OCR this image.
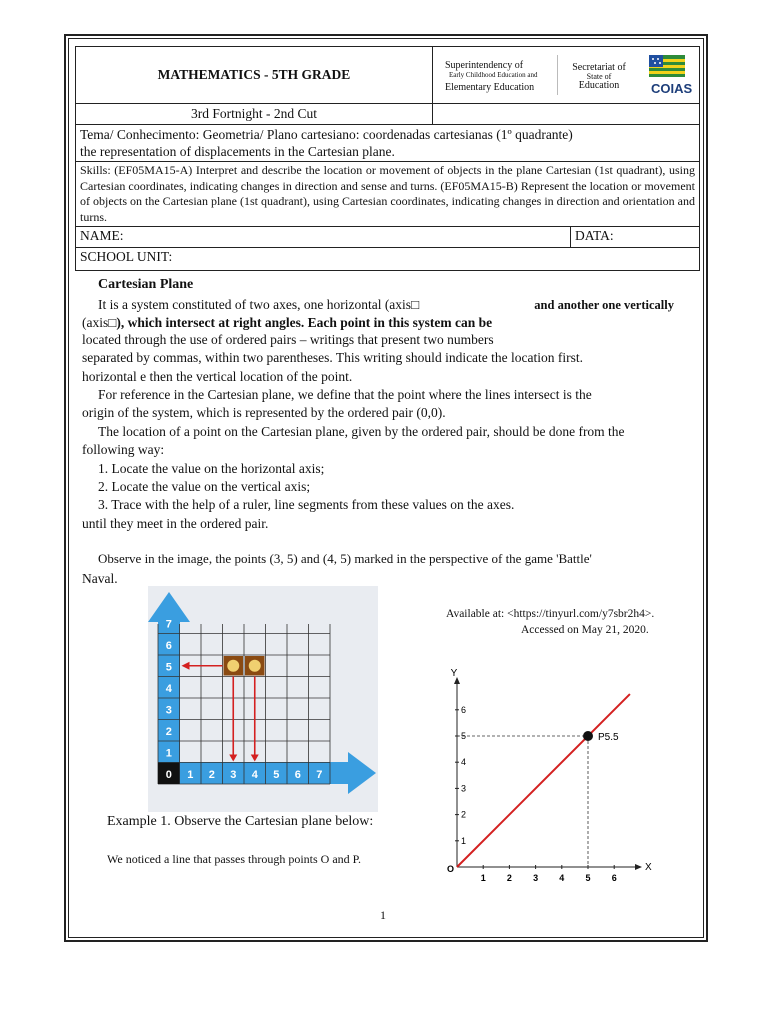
MATHEMATICS - 5TH GRADE
Superintendency of
Early Childhood Education and
Elementary Education
Secretariat of
State of
Education	COIAS
3rd Fortnight - 2nd Cut
Tema/ Conhecimento: Geometria/ Plano cartesiano: coordenadas cartesianas (1º quadrante)
the representation of displacements in the Cartesian plane.
Skills: (EF05MA15-A) Interpret and describe the location or movement of objects in the plane Cartesian (1st quadrant), using Cartesian coordinates, indicating changes in direction and sense and turns. (EF05MA15-B) Represent the location or movement of objects on the Cartesian plane (1st quadrant), using Cartesian coordinates, indicating changes in direction and orientation and turns.
NAME:	DATA:
SCHOOL UNIT:
Cartesian Plane
It is a system constituted of two axes, one horizontal (axis□	and another one vertically
(axis□), which intersect at right angles. Each point in this system can be
located through the use of ordered pairs – writings that present two numbers
separated by commas, within two parentheses. This writing should indicate the location first.
horizontal e then the vertical location of the point.
For reference in the Cartesian plane, we define that the point where the lines intersect is the
origin of the system, which is represented by the ordered pair (0,0).
The location of a point on the Cartesian plane, given by the ordered pair, should be done from the
following way:
1. Locate the value on the horizontal axis;
2. Locate the value on the vertical axis;
3. Trace with the help of a ruler, line segments from these values on the axes.
until they meet in the ordered pair.
Observe in the image, the points (3, 5) and (4, 5) marked in the perspective of the game 'Battle'
Naval.
0 1 2 3 4 5 6 7
1
2
3
4
5
6
7
Available at: <https://tinyurl.com/y7sbr2h4>.
Accessed on May 21, 2020.
X
Y
O
1 2 3 4 5 6
1
2
3
4
5
6
P5.5
Example 1. Observe the Cartesian plane below:
We noticed a line that passes through points O and P.
1
